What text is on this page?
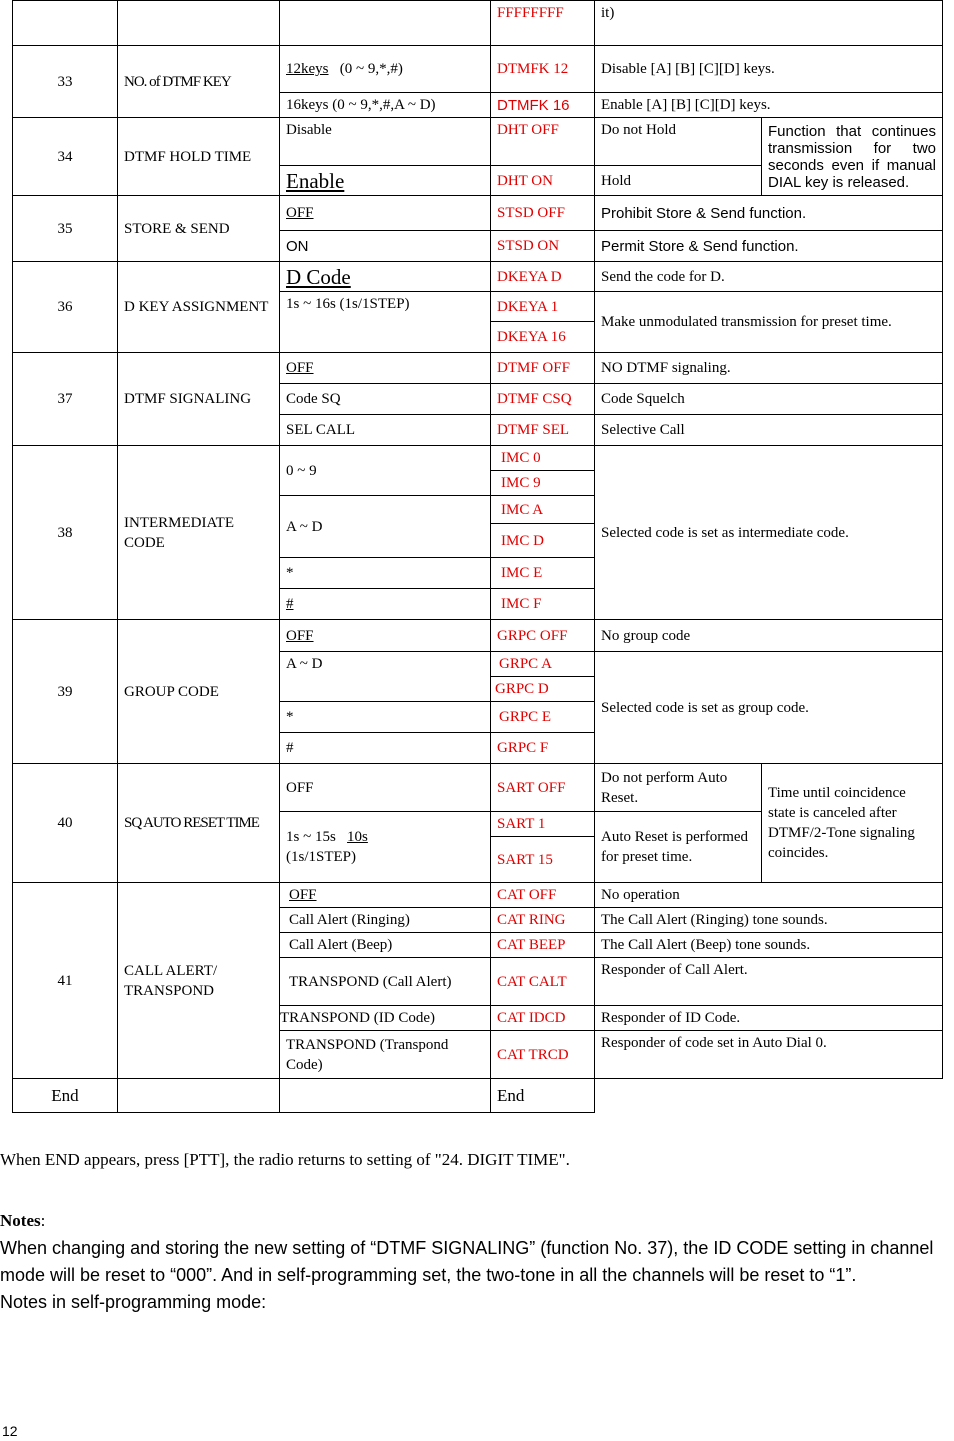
			FFFFFFFF	it)	
33	NO. of DTMF KEY	12keys (0 ~ 9,*,#)	DTMFK 12	Disable [A] [B] [C][D] keys.	
		16keys (0 ~ 9,*,#,A ~ D)	DTMFK 16	Enable [A] [B] [C][D] keys.	
34	DTMF HOLD TIME	Disable	DHT OFF	Do not Hold	Function that continues transmission for two seconds even if manual DIAL key is released.
		Enable	DHT ON	Hold	
35	STORE & SEND	OFF	STSD OFF	Prohibit Store & Send function.	
		ON	STSD ON	Permit Store & Send function.	
36	D KEY ASSIGNMENT	D Code	DKEYA D	Send the code for D.	
		1s ~ 16s (1s/1STEP)	DKEYA 1	Make unmodulated transmission for preset time.	
			DKEYA 16		
37	DTMF SIGNALING	OFF	DTMF OFF	NO DTMF signaling.	
		Code SQ	DTMF CSQ	Code Squelch	
		SEL CALL	DTMF SEL	Selective Call	
38	INTERMEDIATE CODE	0 ~ 9	IMC 0	Selected code is set as intermediate code.	
			IMC 9		
		A ~ D	IMC A		
			IMC D		
		*	IMC E		
		#	IMC F		
39	GROUP CODE	OFF	GRPC OFF	No group code	
		A ~ D	GRPC A	Selected code is set as group code.	
			GRPC D		
		*	GRPC E		
		#	GRPC F		
40	SQ AUTO RESET TIME	OFF	SART OFF	Do not perform Auto Reset.	Time until coincidence state is canceled after DTMF/2-Tone signaling coincides.
		1s ~ 15s 10s
(1s/1STEP)	SART 1	Auto Reset is performed for preset time.	
			SART 15		
41	CALL ALERT/ TRANSPOND	OFF	CAT OFF	No operation	
		Call Alert (Ringing)	CAT RING	The Call Alert (Ringing) tone sounds.	
		Call Alert (Beep)	CAT BEEP	The Call Alert (Beep) tone sounds.	
		TRANSPOND (Call Alert)	CAT CALT	Responder of Call Alert.	
		TRANSPOND (ID Code)	CAT IDCD	Responder of ID Code.	
		TRANSPOND (Transpond Code)	CAT TRCD	Responder of code set in Auto Dial 0.	
End			End		

When END appears, press [PTT], the radio returns to setting of "24. DIGIT TIME".

Notes:

When changing and storing the new setting of “DTMF SIGNALING” (function No. 37), the ID CODE setting in channel mode will be reset to “000”. And in self-programming set, the two-tone in all the channels will be reset to “1”.

Notes in self-programming mode:

12
